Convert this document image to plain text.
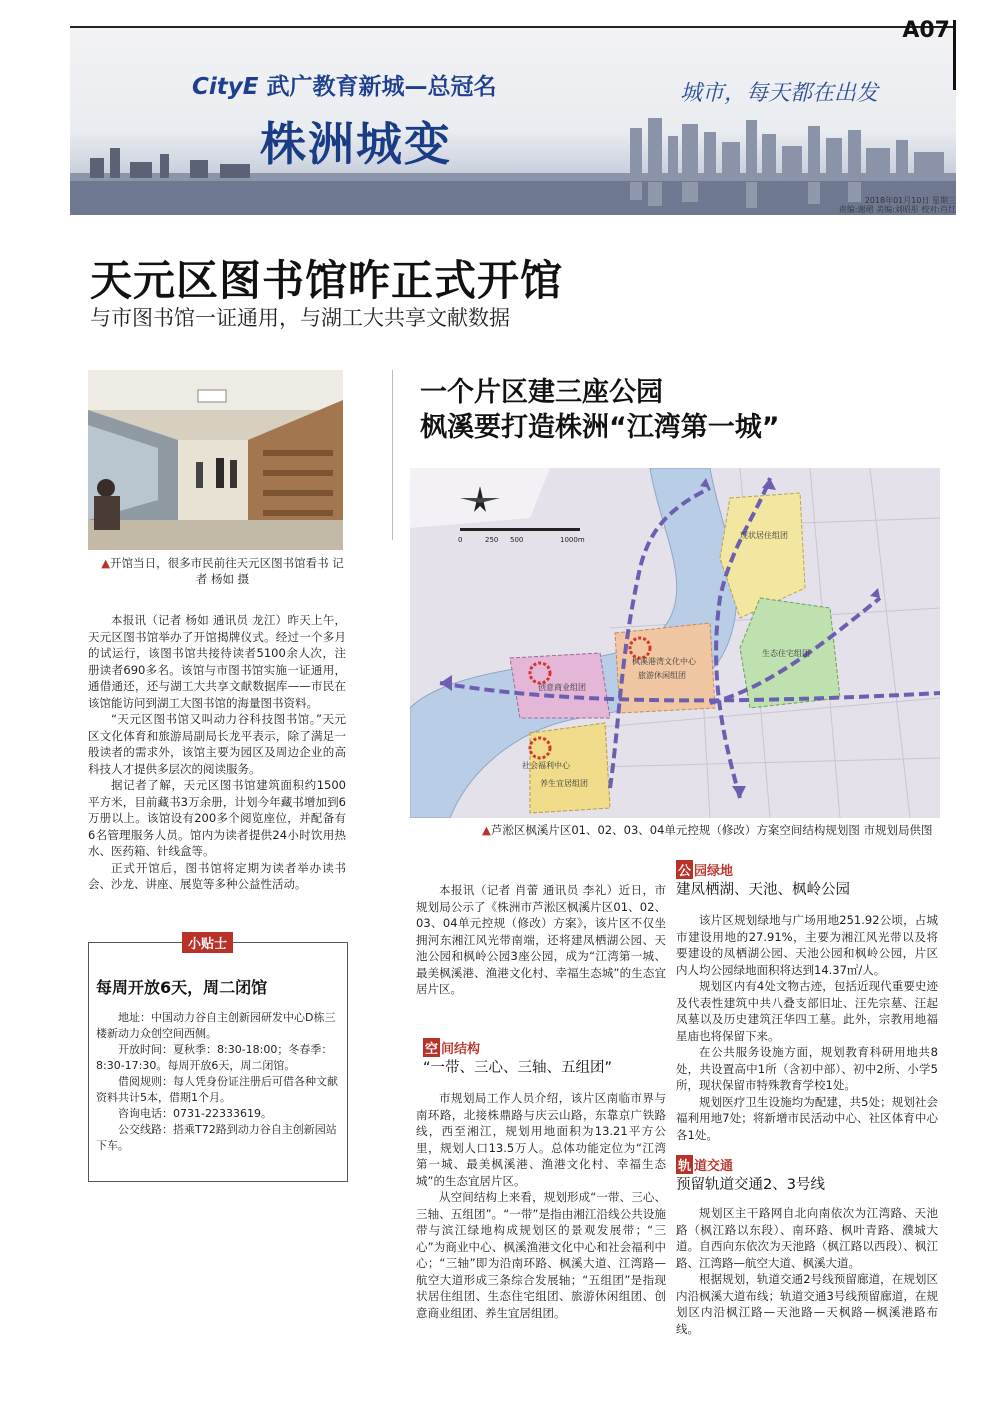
CityE 武广教育新城—总冠名
株洲城变
城市，每天都在出发
A07
2018年01月10日 星期三
责编:谢珺 美编:刘昭彤 校对:肖红
天元区图书馆昨正式开馆
与市图书馆一证通用，与湖工大共享文献数据
▲开馆当日，很多市民前往天元区图书馆看书 记者 杨如 摄

本报讯（记者 杨如 通讯员 龙江）昨天上午，天元区图书馆举办了开馆揭牌仪式。经过一个多月的试运行，该图书馆共接待读者5100余人次，注册读者690多名。该馆与市图书馆实施一证通用，通借通还，还与湖工大共享文献数据库——市民在该馆能访问到湖工大图书馆的海量图书资料。

“天元区图书馆又叫动力谷科技图书馆。”天元区文化体育和旅游局副局长龙平表示，除了满足一般读者的需求外，该馆主要为园区及周边企业的高科技人才提供多层次的阅读服务。

据记者了解，天元区图书馆建筑面积约1500平方米，目前藏书3万余册，计划今年藏书增加到6万册以上。该馆设有200多个阅览座位，并配备有6名管理服务人员。馆内为读者提供24小时饮用热水、医药箱、针线盒等。

正式开馆后，图书馆将定期为读者举办读书会、沙龙、讲座、展览等多种公益性活动。

小贴士
每周开放6天，周二闭馆

地址：中国动力谷自主创新园研发中心D栋三楼新动力众创空间西侧。

开放时间：夏秋季：8:30-18:00；冬春季：8:30-17:30。每周开放6天，周二闭馆。

借阅规则：每人凭身份证注册后可借各种文献资料共计5本，借期1个月。

咨询电话：0731-22333619。

公交线路：搭乘T72路到动力谷自主创新园站下车。

一个片区建三座公园
枫溪要打造株洲“江湾第一城”
0	250 500	1000m
创意商业组团
枫溪港湾文化中心
旅游休闲组团
社会福利中心
养生宜居组团
现状居住组团
生态住宅组团
▲芦淞区枫溪片区01、02、03、04单元控规（修改）方案空间结构规划图 市规划局供图

本报讯（记者 肖蕾 通讯员 李礼）近日，市规划局公示了《株洲市芦淞区枫溪片区01、02、03、04单元控规（修改）方案》，该片区不仅坐拥河东湘江风光带南端，还将建凤栖湖公园、天池公园和枫岭公园3座公园，成为“江湾第一城、最美枫溪港、渔港文化村、幸福生态城”的生态宜居片区。

空 间结构
“一带、三心、三轴、五组团”

市规划局工作人员介绍，该片区南临市界与南环路，北接株鼎路与庆云山路，东靠京广铁路线，西至湘江，规划用地面积为13.21平方公里，规划人口13.5万人。总体功能定位为“江湾第一城、最美枫溪港、渔港文化村、幸福生态城”的生态宜居片区。

从空间结构上来看，规划形成“一带、三心、三轴、五组团”。“一带”是指由湘江沿线公共设施带与滨江绿地构成规划区的景观发展带；“三心”为商业中心、枫溪渔港文化中心和社会福利中心；“三轴”即为沿南环路、枫溪大道、江湾路—航空大道形成三条综合发展轴；“五组团”是指现状居住组团、生态住宅组团、旅游休闲组团、创意商业组团、养生宜居组团。

公 园绿地
建凤栖湖、天池、枫岭公园

该片区规划绿地与广场用地251.92公顷，占城市建设用地的27.91%，主要为湘江风光带以及将要建设的凤栖湖公园、天池公园和枫岭公园，片区内人均公园绿地面积将达到14.37㎡/人。

规划区内有4处文物古迹，包括近现代重要史迹及代表性建筑中共八叠支部旧址、汪先宗墓、汪起凤墓以及历史建筑汪华四工墓。此外，宗教用地福星庙也将保留下来。

在公共服务设施方面，规划教育科研用地共8处，共设置高中1所（含初中部）、初中2所、小学5所，现状保留市特殊教育学校1处。

规划医疗卫生设施均为配建，共5处；规划社会福利用地7处；将新增市民活动中心、社区体育中心各1处。

轨 道交通
预留轨道交通2、3号线

规划区主干路网自北向南依次为江湾路、天池路（枫江路以东段）、南环路、枫叶青路、濮城大道。自西向东依次为天池路（枫江路以西段）、枫江路、江湾路—航空大道、枫溪大道。

根据规划，轨道交通2号线预留廊道，在规划区内沿枫溪大道布线；轨道交通3号线预留廊道，在规划区内沿枫江路—天池路—天枫路—枫溪港路布线。
